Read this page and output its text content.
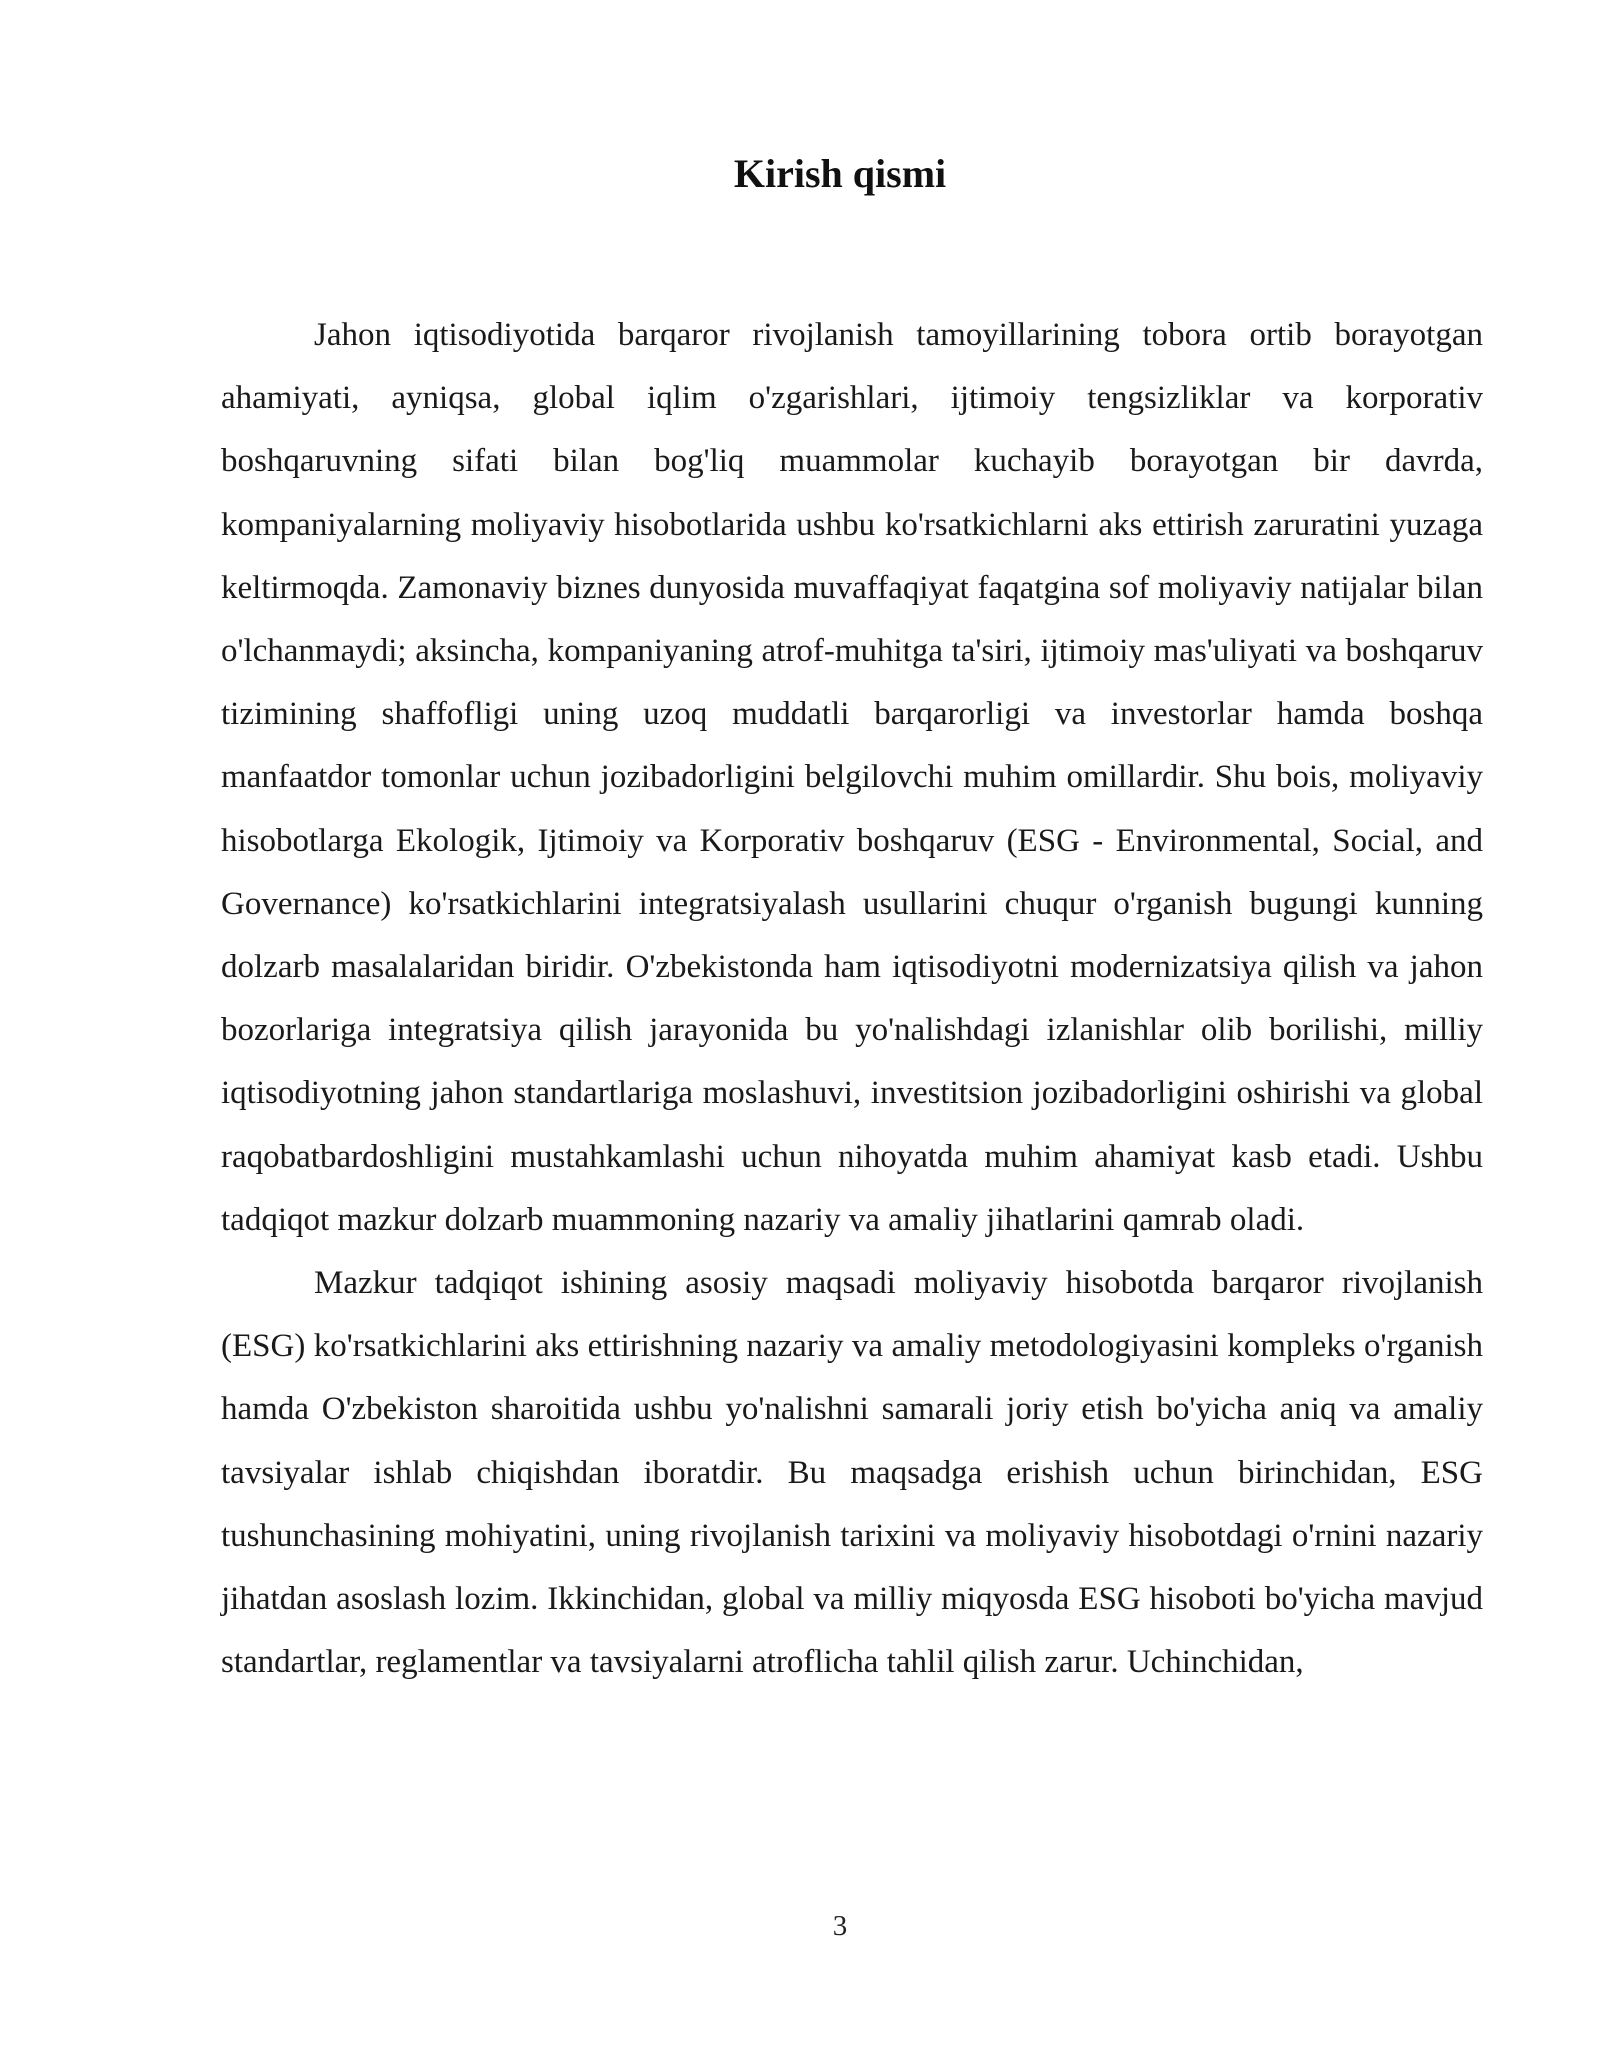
Kirish qismi

Jahon iqtisodiyotida barqaror rivojlanish tamoyillarining tobora ortib borayotgan ahamiyati, ayniqsa, global iqlim o'zgarishlari, ijtimoiy tengsizliklar va korporativ boshqaruvning sifati bilan bog'liq muammolar kuchayib borayotgan bir davrda, kompaniyalarning moliyaviy hisobotlarida ushbu ko'rsatkichlarni aks ettirish zaruratini yuzaga keltirmoqda. Zamonaviy biznes dunyosida muvaffaqiyat faqatgina sof moliyaviy natijalar bilan o'lchanmaydi; aksincha, kompaniyaning atrof-muhitga ta'siri, ijtimoiy mas'uliyati va boshqaruv tizimining shaffofligi uning uzoq muddatli barqarorligi va investorlar hamda boshqa manfaatdor tomonlar uchun jozibadorligini belgilovchi muhim omillardir. Shu bois, moliyaviy hisobotlarga Ekologik, Ijtimoiy va Korporativ boshqaruv (ESG - Environmental, Social, and Governance) ko'rsatkichlarini integratsiyalash usullarini chuqur o'rganish bugungi kunning dolzarb masalalaridan biridir. O'zbekistonda ham iqtisodiyotni modernizatsiya qilish va jahon bozorlariga integratsiya qilish jarayonida bu yo'nalishdagi izlanishlar olib borilishi, milliy iqtisodiyotning jahon standartlariga moslashuvi, investitsion jozibadorligini oshirishi va global raqobatbardoshligini mustahkamlashi uchun nihoyatda muhim ahamiyat kasb etadi. Ushbu tadqiqot mazkur dolzarb muammoning nazariy va amaliy jihatlarini qamrab oladi.

Mazkur tadqiqot ishining asosiy maqsadi moliyaviy hisobotda barqaror rivojlanish (ESG) ko'rsatkichlarini aks ettirishning nazariy va amaliy metodologiyasini kompleks o'rganish hamda O'zbekiston sharoitida ushbu yo'nalishni samarali joriy etish bo'yicha aniq va amaliy tavsiyalar ishlab chiqishdan iboratdir. Bu maqsadga erishish uchun birinchidan, ESG tushunchasining mohiyatini, uning rivojlanish tarixini va moliyaviy hisobotdagi o'rnini nazariy jihatdan asoslash lozim. Ikkinchidan, global va milliy miqyosda ESG hisoboti bo'yicha mavjud standartlar, reglamentlar va tavsiyalarni atroflicha tahlil qilish zarur. Uchinchidan,

3
